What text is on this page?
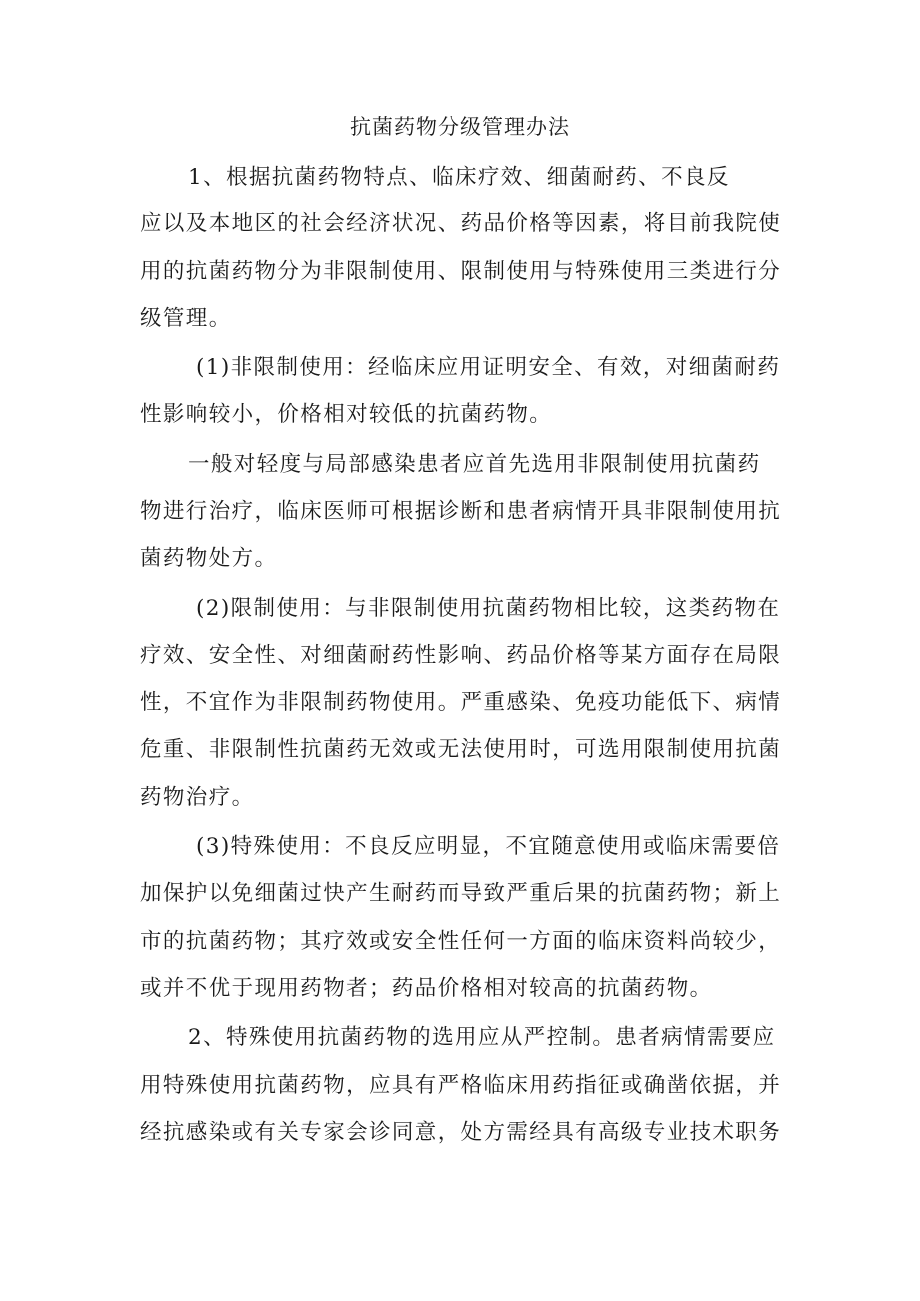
抗菌药物分级管理办法
1、根据抗菌药物特点、临床疗效、细菌耐药、不良反
应以及本地区的社会经济状况、药品价格等因素，将目前我院使
用的抗菌药物分为非限制使用、限制使用与特殊使用三类进行分
级管理。
(1)非限制使用：经临床应用证明安全、有效，对细菌耐药
性影响较小，价格相对较低的抗菌药物。
一般对轻度与局部感染患者应首先选用非限制使用抗菌药
物进行治疗，临床医师可根据诊断和患者病情开具非限制使用抗
菌药物处方。
(2)限制使用：与非限制使用抗菌药物相比较，这类药物在
疗效、安全性、对细菌耐药性影响、药品价格等某方面存在局限
性，不宜作为非限制药物使用。严重感染、免疫功能低下、病情
危重、非限制性抗菌药无效或无法使用时，可选用限制使用抗菌
药物治疗。
(3)特殊使用：不良反应明显，不宜随意使用或临床需要倍
加保护以免细菌过快产生耐药而导致严重后果的抗菌药物；新上
市的抗菌药物；其疗效或安全性任何一方面的临床资料尚较少，
或并不优于现用药物者；药品价格相对较高的抗菌药物。
2、特殊使用抗菌药物的选用应从严控制。患者病情需要应
用特殊使用抗菌药物，应具有严格临床用药指征或确凿依据，并
经抗感染或有关专家会诊同意，处方需经具有高级专业技术职务
